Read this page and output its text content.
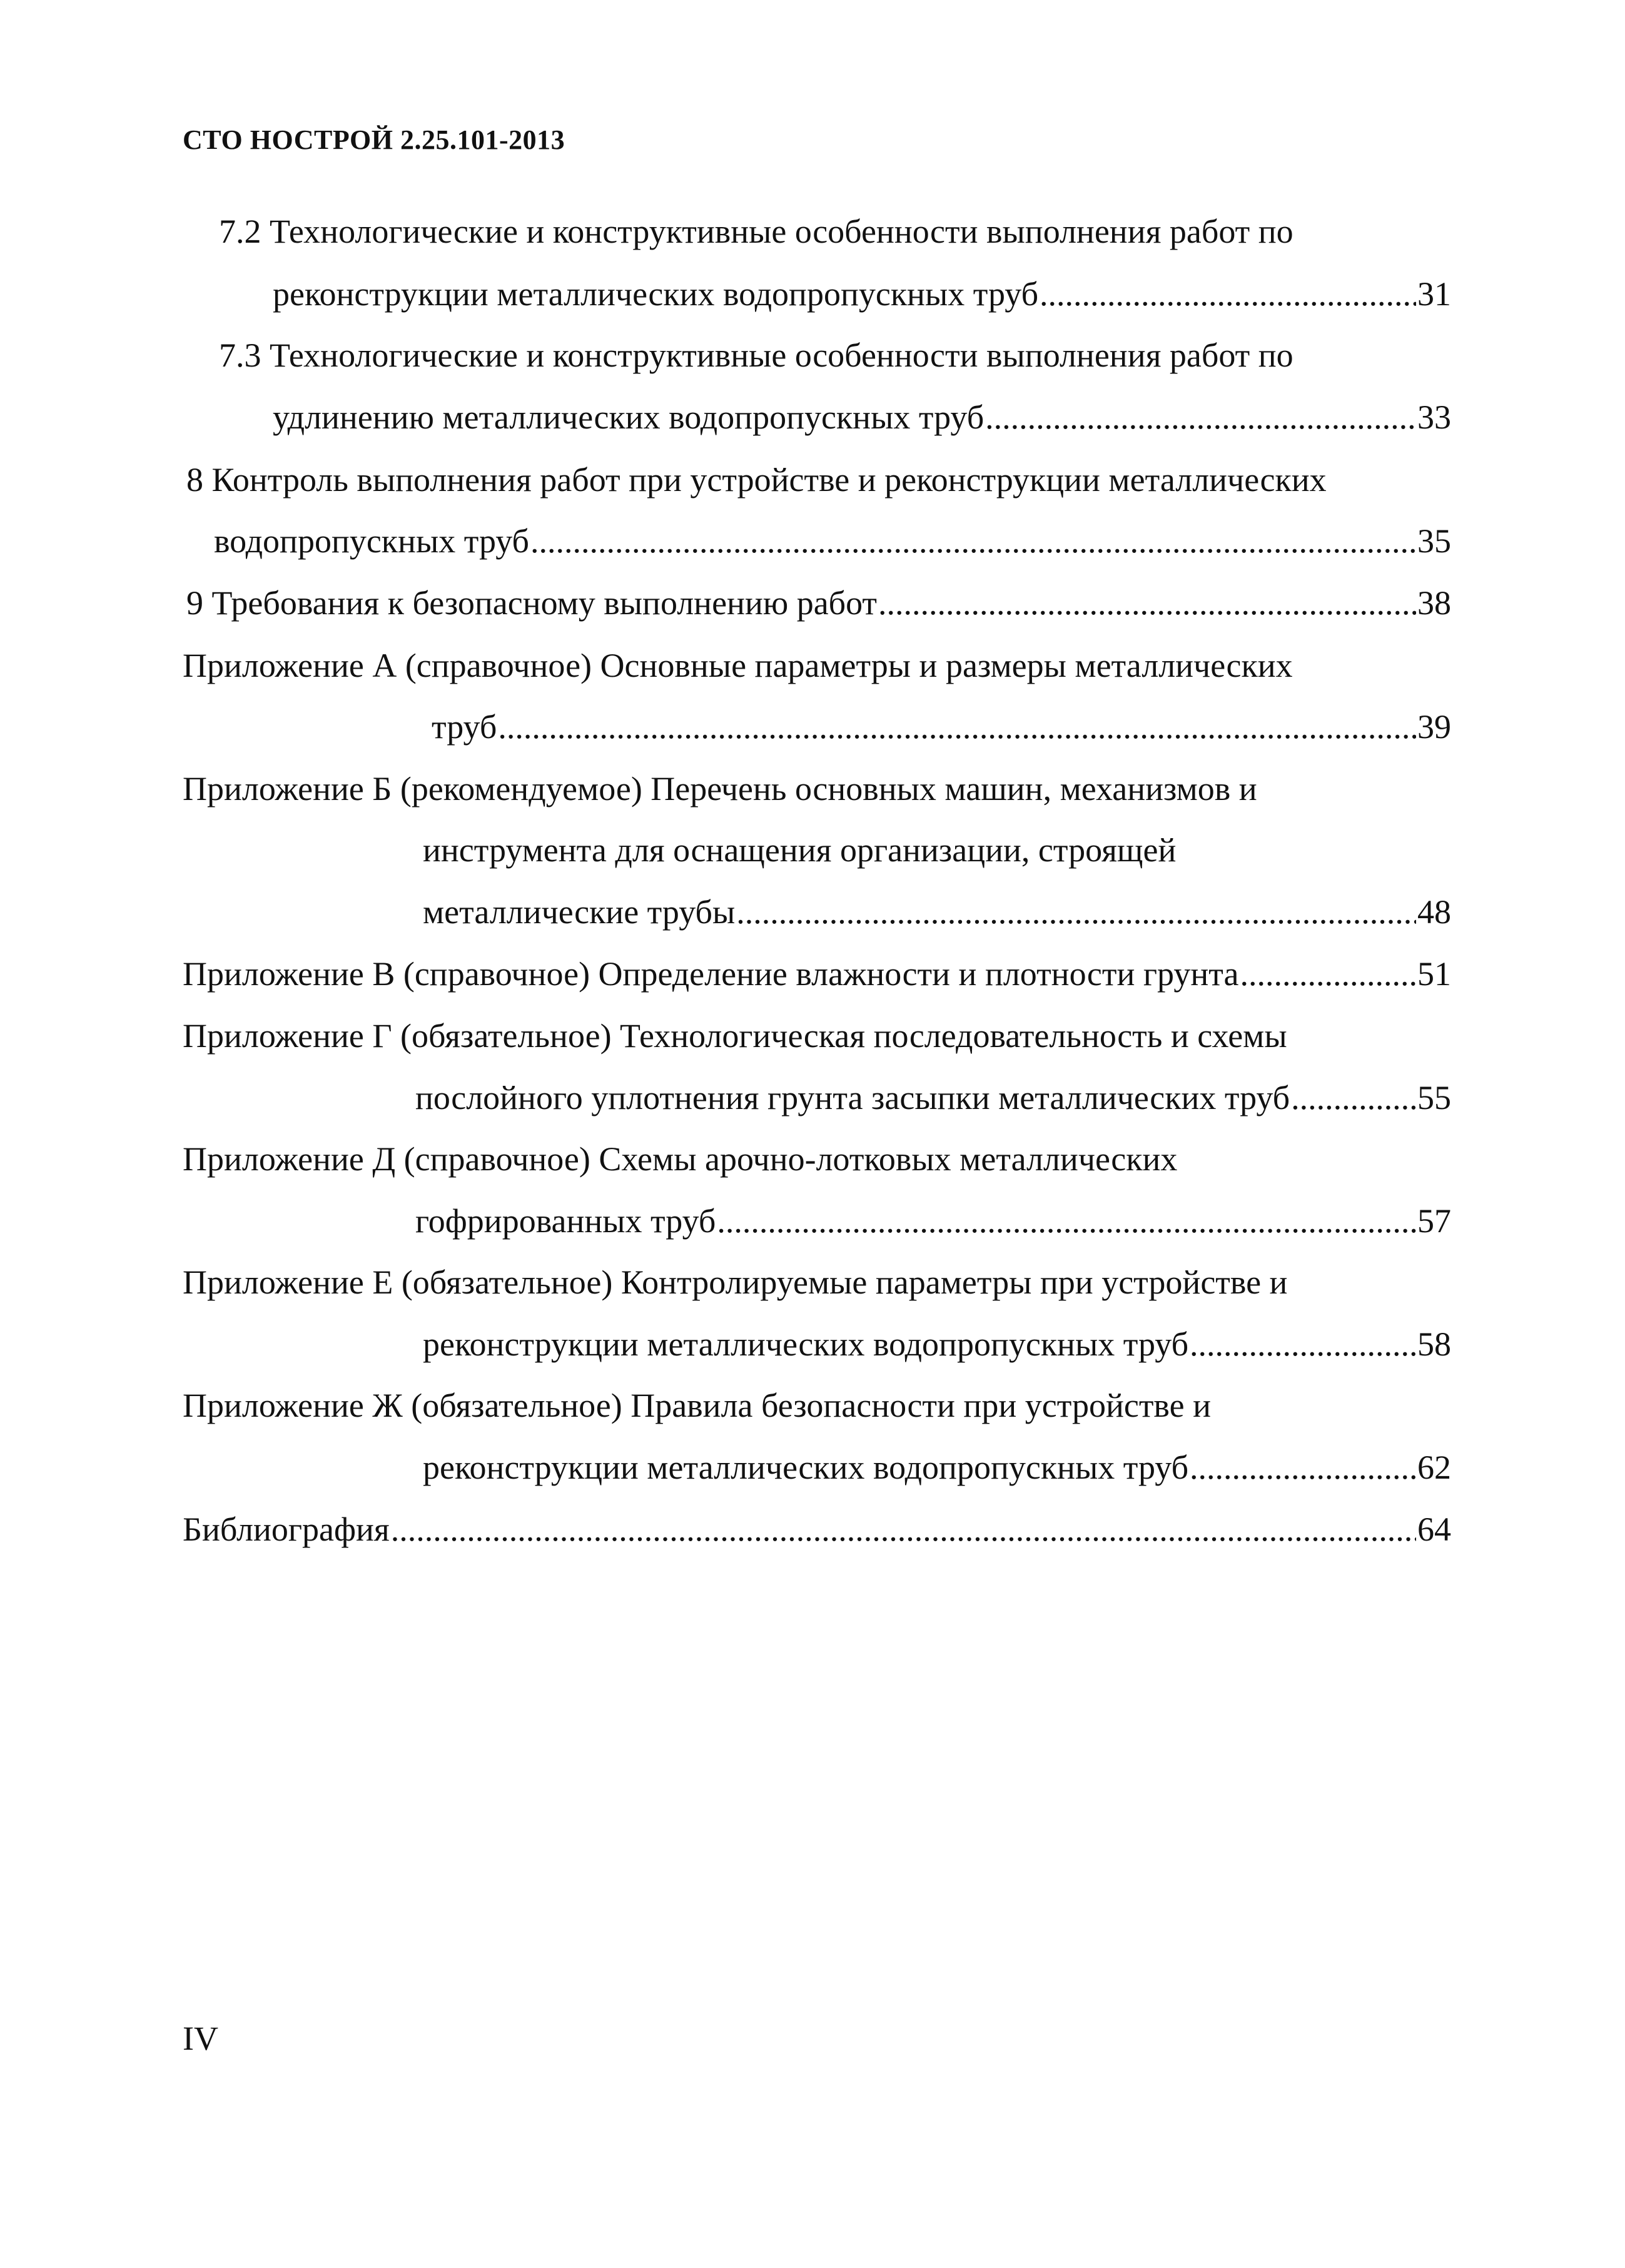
СТО НОСТРОЙ 2.25.101-2013
7.2 Технологические и конструктивные особенности выполнения работ по
реконструкции металлических водопропускных труб .....	31
7.3 Технологические и конструктивные особенности выполнения работ по
удлинению металлических водопропускных труб .....	33
8 Контроль выполнения работ при устройстве и реконструкции металлических
водопропускных труб .....	35
9 Требования к безопасному выполнению работ .....	38
Приложение А (справочное) Основные параметры и размеры металлических
труб .....	39
Приложение Б (рекомендуемое) Перечень основных машин, механизмов и
инструмента для оснащения организации, строящей
металлические трубы .....	48
Приложение В (справочное) Определение влажности и плотности грунта .....	51
Приложение Г (обязательное) Технологическая последовательность и схемы
послойного уплотнения грунта засыпки металлических труб .....	55
Приложение Д (справочное) Схемы арочно-лотковых металлических
гофрированных труб .....	57
Приложение Е (обязательное) Контролируемые параметры при устройстве и
реконструкции металлических водопропускных труб .....	58
Приложение Ж (обязательное) Правила безопасности при устройстве и
реконструкции металлических водопропускных труб .....	62
Библиография .....	64
IV
